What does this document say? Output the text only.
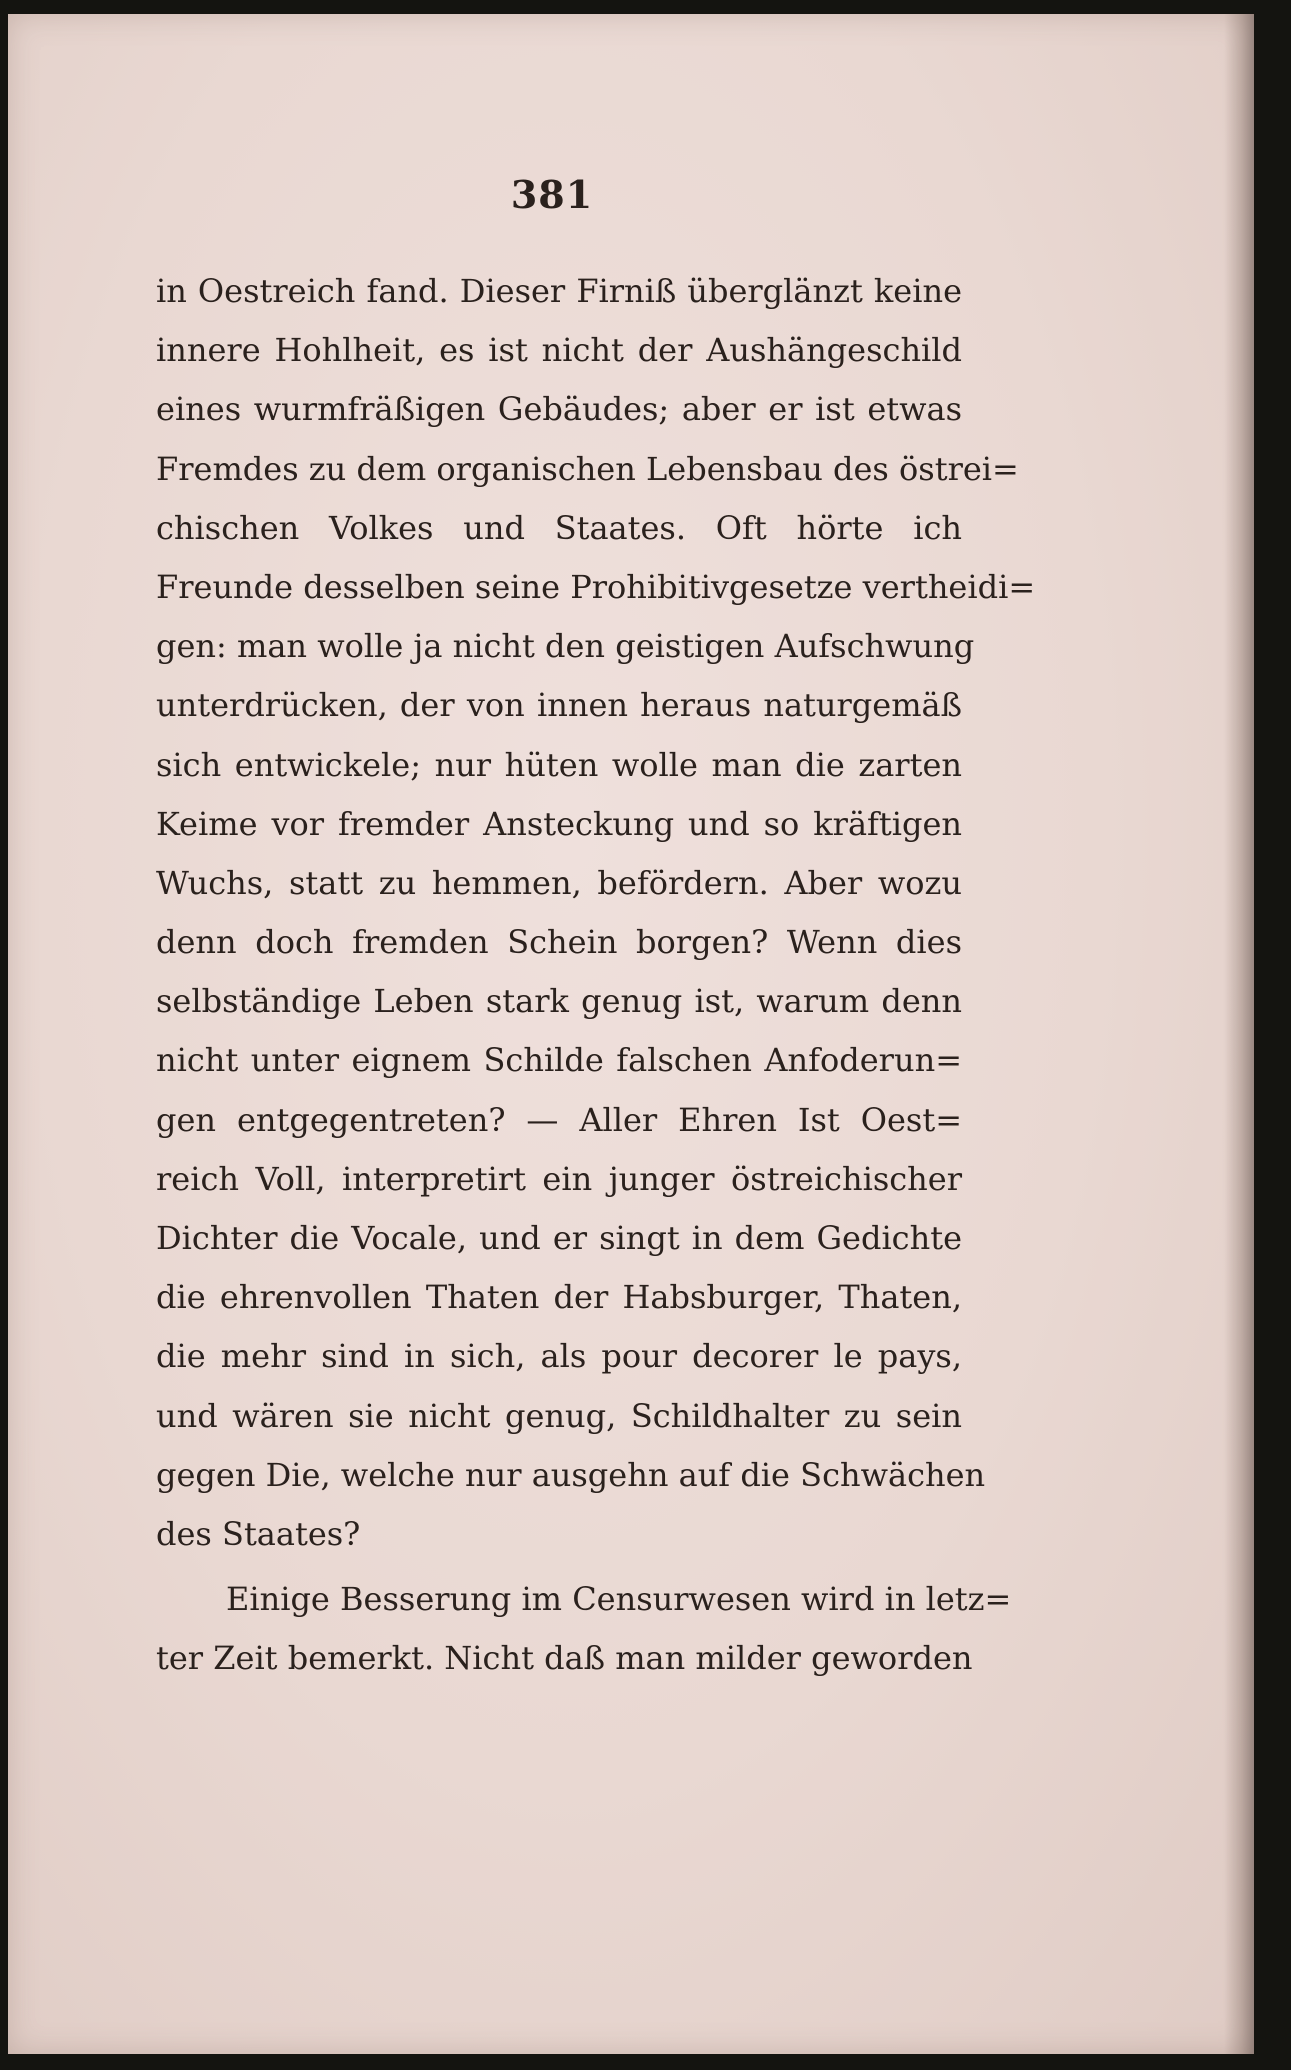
381
in Oestreich fand. Dieser Firniß überglänzt keine
innere Hohlheit, es ist nicht der Aushängeschild
eines wurmfräßigen Gebäudes; aber er ist etwas
Fremdes zu dem organischen Lebensbau des östrei=
chischen Volkes und Staates. Oft hörte ich
Freunde desselben seine Prohibitivgesetze vertheidi=
gen: man wolle ja nicht den geistigen Aufschwung
unterdrücken, der von innen heraus naturgemäß
sich entwickele; nur hüten wolle man die zarten
Keime vor fremder Ansteckung und so kräftigen
Wuchs, statt zu hemmen, befördern. Aber wozu
denn doch fremden Schein borgen? Wenn dies
selbständige Leben stark genug ist, warum denn
nicht unter eignem Schilde falschen Anfoderun=
gen entgegentreten? — Aller Ehren Ist Oest=
reich Voll, interpretirt ein junger östreichischer
Dichter die Vocale, und er singt in dem Gedichte
die ehrenvollen Thaten der Habsburger, Thaten,
die mehr sind in sich, als pour decorer le pays,
und wären sie nicht genug, Schildhalter zu sein
gegen Die, welche nur ausgehn auf die Schwächen
des Staates?
Einige Besserung im Censurwesen wird in letz=
ter Zeit bemerkt. Nicht daß man milder geworden
